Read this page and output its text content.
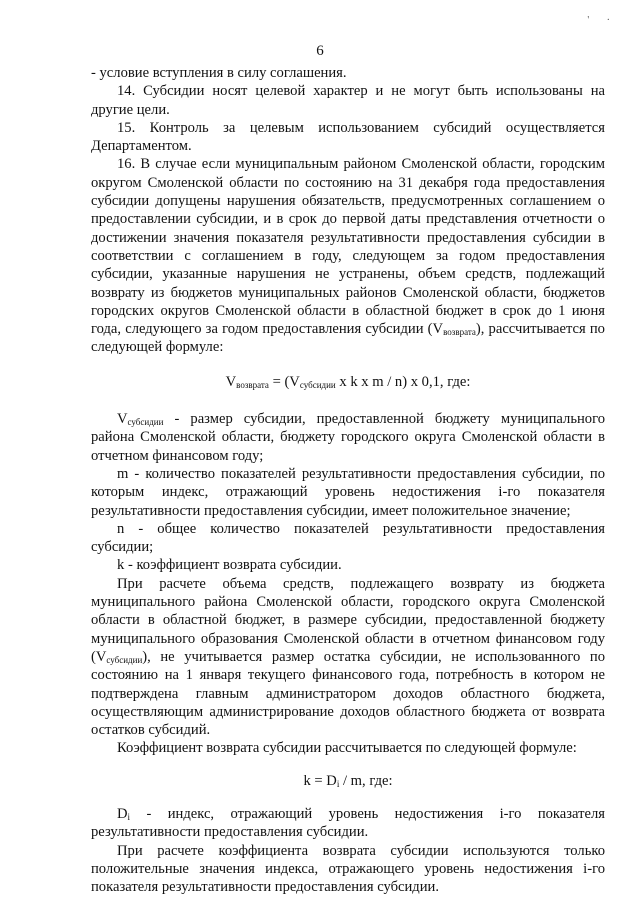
'       ·
6

- условие вступления в силу соглашения.

14. Субсидии носят целевой характер и не могут быть использованы на другие цели.

15. Контроль за целевым использованием субсидий осуществляется Департаментом.

16. В случае если муниципальным районом Смоленской области, городским округом Смоленской области по состоянию на 31 декабря года предоставления субсидии допущены нарушения обязательств, предусмотренных соглашением о предоставлении субсидии, и в срок до первой даты представления отчетности о достижении значения показателя результативности предоставления субсидии в соответствии с соглашением в году, следующем за годом предоставления субсидии, указанные нарушения не устранены, объем средств, подлежащий возврату из бюджетов муниципальных районов Смоленской области, бюджетов городских округов Смоленской области в областной бюджет в срок до 1 июня года, следующего за годом предоставления субсидии $(V_{возврата})$, рассчитывается по следующей формуле:

$V_{возврата} = (V_{субсидии}$ x k x m / n) x 0,1, где:

$V_{субсидии}$ - размер субсидии, предоставленной бюджету муниципального района Смоленской области, бюджету городского округа Смоленской области в отчетном финансовом году;

m - количество показателей результативности предоставления субсидии, по которым индекс, отражающий уровень недостижения i-го показателя результативности предоставления субсидии, имеет положительное значение;

n - общее количество показателей результативности предоставления субсидии;

k - коэффициент возврата субсидии.

При расчете объема средств, подлежащего возврату из бюджета муниципального района Смоленской области, городского округа Смоленской области в областной бюджет, в размере субсидии, предоставленной бюджету муниципального образования Смоленской области в отчетном финансовом году $(V_{субсидии})$, не учитывается размер остатка субсидии, не использованного по состоянию на 1 января текущего финансового года, потребность в котором не подтверждена главным администратором доходов областного бюджета, осуществляющим администрирование доходов областного бюджета от возврата остатков субсидий.

Коэффициент возврата субсидии рассчитывается по следующей формуле:

$k = D_i / m$, где:

$D_i$ - индекс, отражающий уровень недостижения i-го показателя результативности предоставления субсидии.

При расчете коэффициента возврата субсидии используются только положительные значения индекса, отражающего уровень недостижения i-го показателя результативности предоставления субсидии.
